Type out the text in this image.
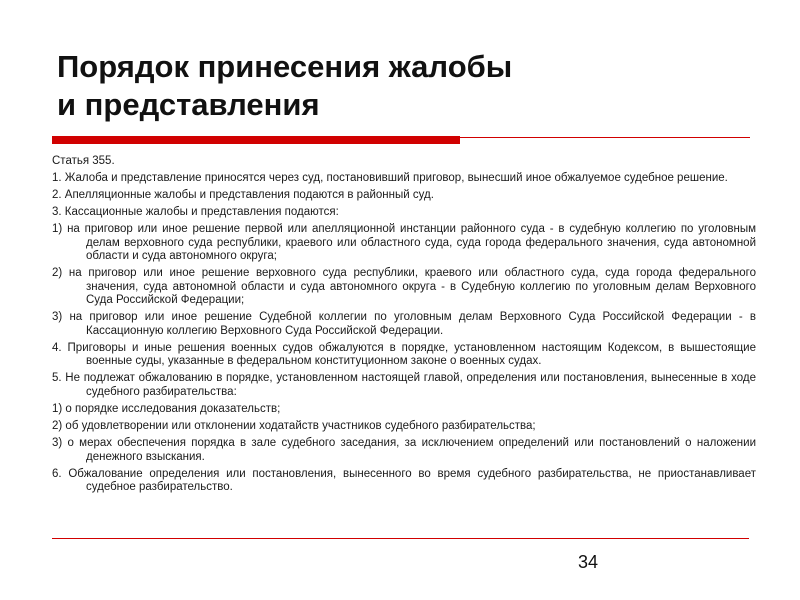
Порядок принесения жалобы
и представления

Статья 355.

1. Жалоба и представление приносятся через суд, постановивший приговор, вынесший иное обжалуемое судебное решение.

2. Апелляционные жалобы и представления подаются в районный суд.

3. Кассационные жалобы и представления подаются:

1) на приговор или иное решение первой или апелляционной инстанции районного суда - в судебную коллегию по уголовным делам верховного суда республики, краевого или областного суда, суда города федерального значения, суда автономной области и суда автономного округа;

2) на приговор или иное решение верховного суда республики, краевого или областного суда, суда города федерального значения, суда автономной области и суда автономного округа - в Судебную коллегию по уголовным делам Верховного Суда Российской Федерации;

3) на приговор или иное решение Судебной коллегии по уголовным делам Верховного Суда Российской Федерации - в Кассационную коллегию Верховного Суда Российской Федерации.

4. Приговоры и иные решения военных судов обжалуются в порядке, установленном настоящим Кодексом, в вышестоящие военные суды, указанные в федеральном конституционном законе о военных судах.

5. Не подлежат обжалованию в порядке, установленном настоящей главой, определения или постановления, вынесенные в ходе судебного разбирательства:

1) о порядке исследования доказательств;

2) об удовлетворении или отклонении ходатайств участников судебного разбирательства;

3) о мерах обеспечения порядка в зале судебного заседания, за исключением определений или постановлений о наложении денежного взыскания.

6. Обжалование определения или постановления, вынесенного во время судебного разбирательства, не приостанавливает судебное разбирательство.

34
